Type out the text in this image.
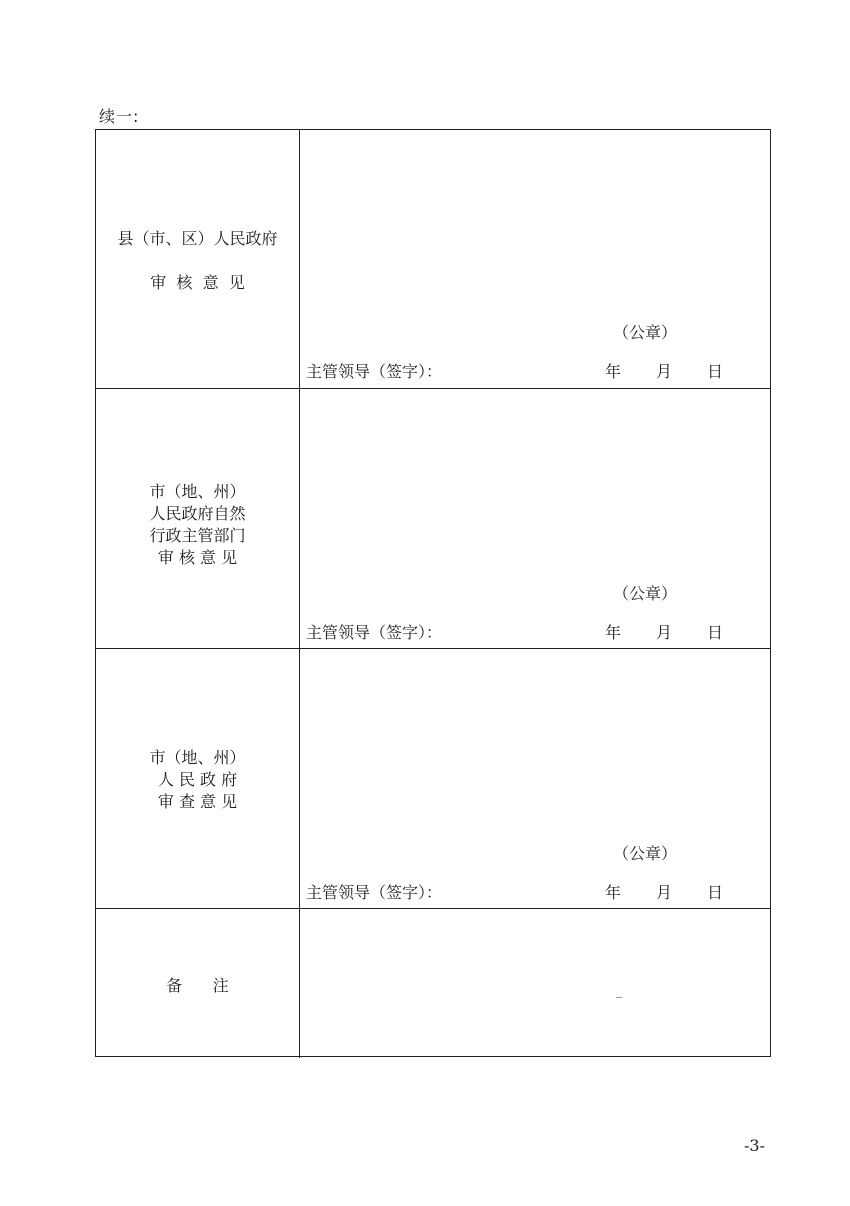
续一:
县（市、区）人民政府

审  核  意  见
（公章）
主管领导（签字）：	年 月 日
市（地、州）
人民政府自然
行政主管部门
审 核 意 见
（公章）
主管领导（签字）：	年 月 日
市（地、州）
人 民 政 府
审 查 意 见
（公章）
主管领导（签字）：	年 月 日
备      注
-3-
